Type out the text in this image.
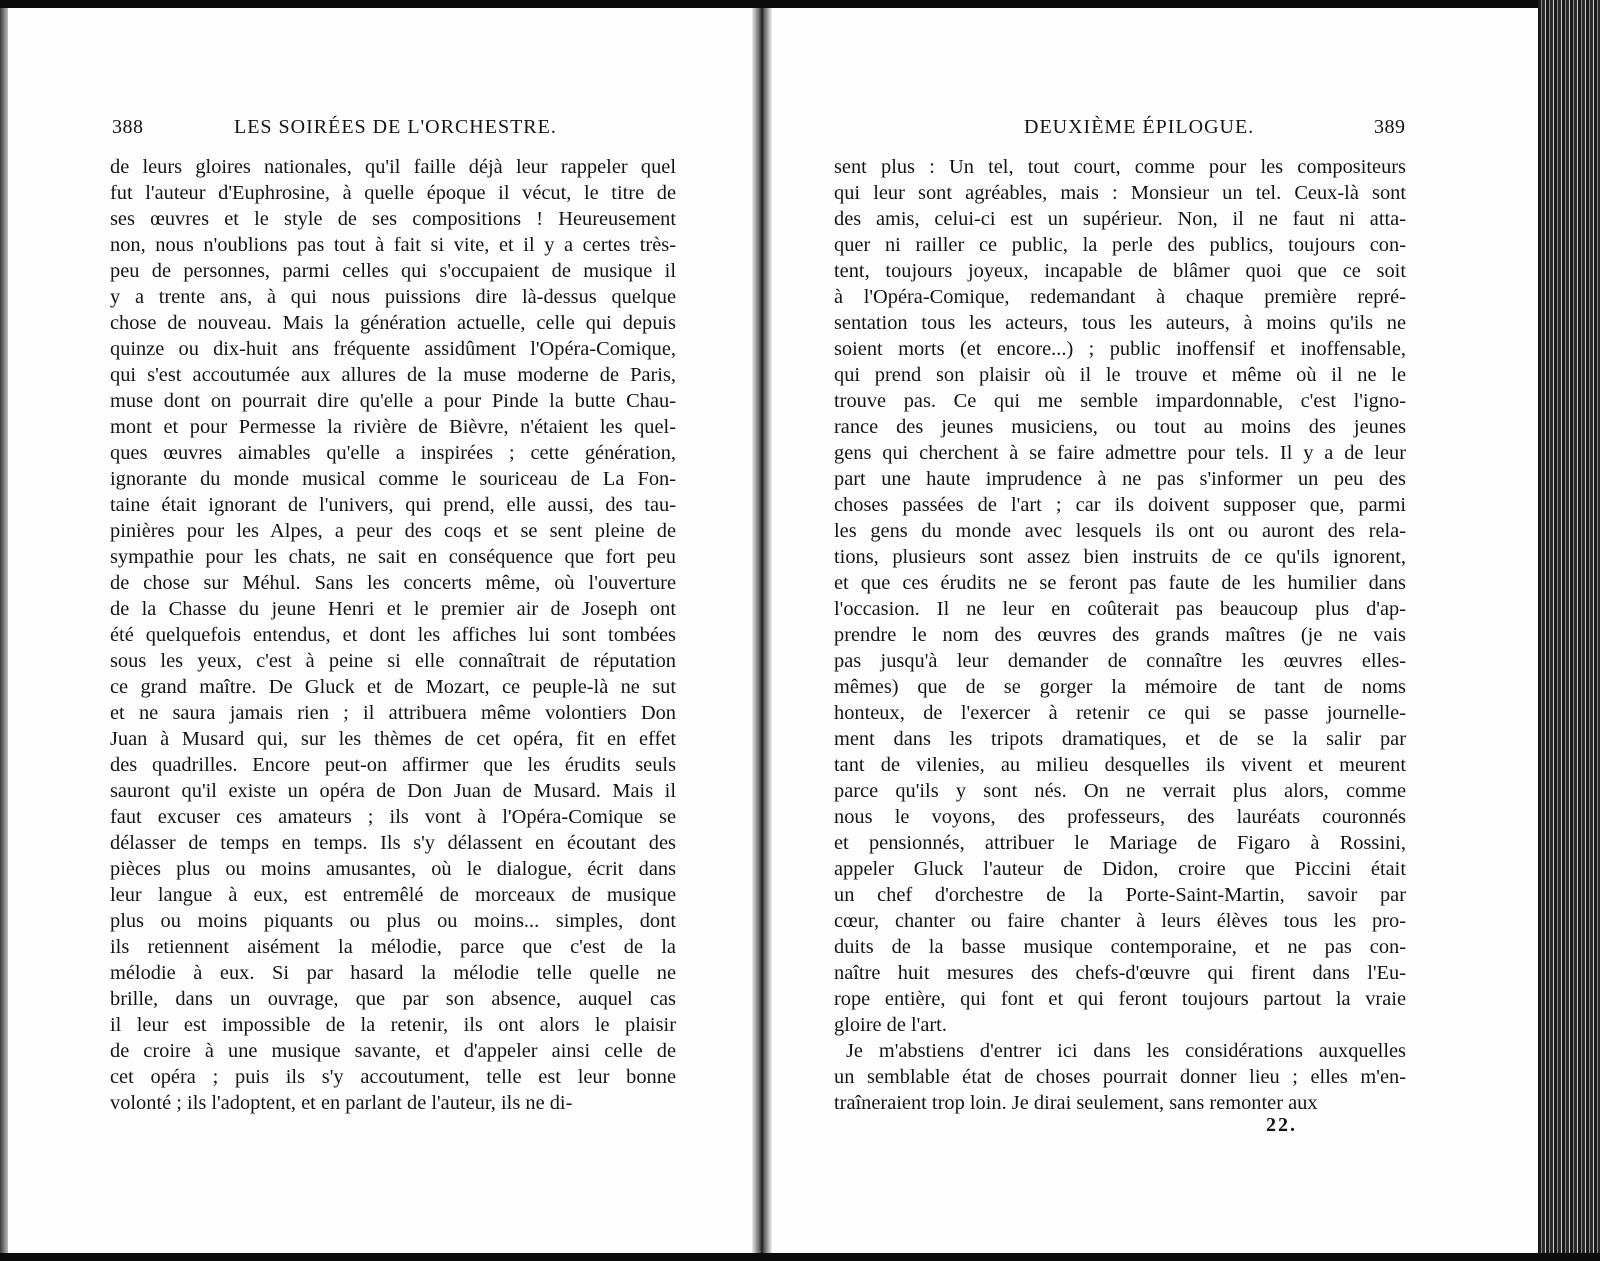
388	LES SOIRÉES DE L'ORCHESTRE.
de leurs gloires nationales, qu'il faille déjà leur rappeler quel
fut l'auteur d'Euphrosine, à quelle époque il vécut, le titre de
ses œuvres et le style de ses compositions ! Heureusement
non, nous n'oublions pas tout à fait si vite, et il y a certes très-
peu de personnes, parmi celles qui s'occupaient de musique il
y a trente ans, à qui nous puissions dire là-dessus quelque
chose de nouveau. Mais la génération actuelle, celle qui depuis
quinze ou dix-huit ans fréquente assidûment l'Opéra-Comique,
qui s'est accoutumée aux allures de la muse moderne de Paris,
muse dont on pourrait dire qu'elle a pour Pinde la butte Chau-
mont et pour Permesse la rivière de Bièvre, n'étaient les quel-
ques œuvres aimables qu'elle a inspirées ; cette génération,
ignorante du monde musical comme le souriceau de La Fon-
taine était ignorant de l'univers, qui prend, elle aussi, des tau-
pinières pour les Alpes, a peur des coqs et se sent pleine de
sympathie pour les chats, ne sait en conséquence que fort peu
de chose sur Méhul. Sans les concerts même, où l'ouverture
de la Chasse du jeune Henri et le premier air de Joseph ont
été quelquefois entendus, et dont les affiches lui sont tombées
sous les yeux, c'est à peine si elle connaîtrait de réputation
ce grand maître. De Gluck et de Mozart, ce peuple-là ne sut
et ne saura jamais rien ; il attribuera même volontiers Don
Juan à Musard qui, sur les thèmes de cet opéra, fit en effet
des quadrilles. Encore peut-on affirmer que les érudits seuls
sauront qu'il existe un opéra de Don Juan de Musard. Mais il
faut excuser ces amateurs ; ils vont à l'Opéra-Comique se
délasser de temps en temps. Ils s'y délassent en écoutant des
pièces plus ou moins amusantes, où le dialogue, écrit dans
leur langue à eux, est entremêlé de morceaux de musique
plus ou moins piquants ou plus ou moins... simples, dont
ils retiennent aisément la mélodie, parce que c'est de la
mélodie à eux. Si par hasard la mélodie telle quelle ne
brille, dans un ouvrage, que par son absence, auquel cas
il leur est impossible de la retenir, ils ont alors le plaisir
de croire à une musique savante, et d'appeler ainsi celle de
cet opéra ; puis ils s'y accoutument, telle est leur bonne
volonté ; ils l'adoptent, et en parlant de l'auteur, ils ne di-
DEUXIÈME ÉPILOGUE.	389
sent plus : Un tel, tout court, comme pour les compositeurs
qui leur sont agréables, mais : Monsieur un tel. Ceux-là sont
des amis, celui-ci est un supérieur. Non, il ne faut ni atta-
quer ni railler ce public, la perle des publics, toujours con-
tent, toujours joyeux, incapable de blâmer quoi que ce soit
à l'Opéra-Comique, redemandant à chaque première repré-
sentation tous les acteurs, tous les auteurs, à moins qu'ils ne
soient morts (et encore...) ; public inoffensif et inoffensable,
qui prend son plaisir où il le trouve et même où il ne le
trouve pas. Ce qui me semble impardonnable, c'est l'igno-
rance des jeunes musiciens, ou tout au moins des jeunes
gens qui cherchent à se faire admettre pour tels. Il y a de leur
part une haute imprudence à ne pas s'informer un peu des
choses passées de l'art ; car ils doivent supposer que, parmi
les gens du monde avec lesquels ils ont ou auront des rela-
tions, plusieurs sont assez bien instruits de ce qu'ils ignorent,
et que ces érudits ne se feront pas faute de les humilier dans
l'occasion. Il ne leur en coûterait pas beaucoup plus d'ap-
prendre le nom des œuvres des grands maîtres (je ne vais
pas jusqu'à leur demander de connaître les œuvres elles-
mêmes) que de se gorger la mémoire de tant de noms
honteux, de l'exercer à retenir ce qui se passe journelle-
ment dans les tripots dramatiques, et de se la salir par
tant de vilenies, au milieu desquelles ils vivent et meurent
parce qu'ils y sont nés. On ne verrait plus alors, comme
nous le voyons, des professeurs, des lauréats couronnés
et pensionnés, attribuer le Mariage de Figaro à Rossini,
appeler Gluck l'auteur de Didon, croire que Piccini était
un chef d'orchestre de la Porte-Saint-Martin, savoir par
cœur, chanter ou faire chanter à leurs élèves tous les pro-
duits de la basse musique contemporaine, et ne pas con-
naître huit mesures des chefs-d'œuvre qui firent dans l'Eu-
rope entière, qui font et qui feront toujours partout la vraie
gloire de l'art.
Je m'abstiens d'entrer ici dans les considérations auxquelles
un semblable état de choses pourrait donner lieu ; elles m'en-
traîneraient trop loin. Je dirai seulement, sans remonter aux
22.
